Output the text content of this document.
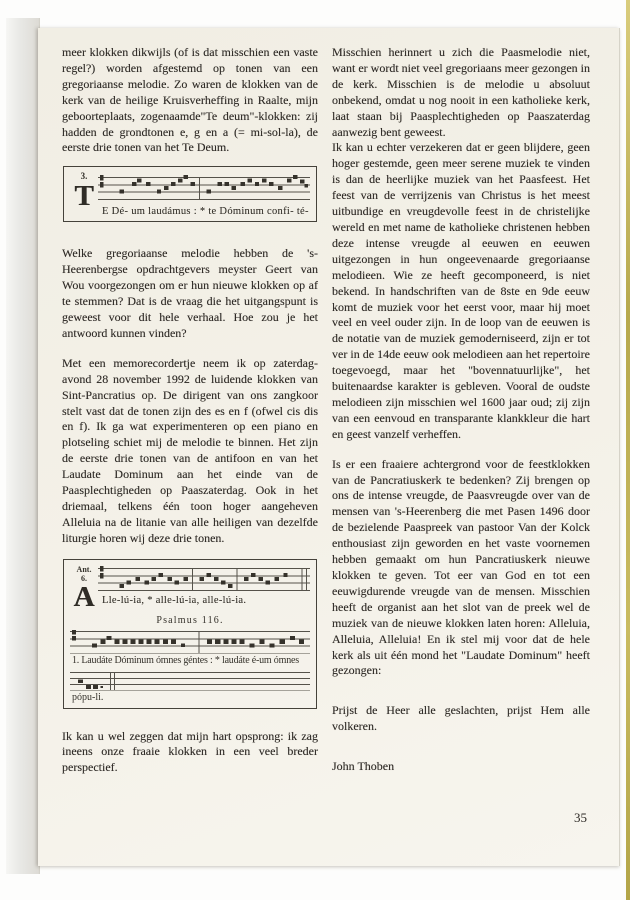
meer klokken dikwijls (of is dat misschien een vaste regel?) worden afgestemd op tonen van een gregoriaanse melodie. Zo waren de klokken van de kerk van de heilige Kruisverheffing in Raalte, mijn geboorteplaats, zogenaamde"Te deum"-klokken: zij hadden de grondtonen e, g en a (= mi-sol-la), de eerste drie tonen van het Te Deum.

3.
T E Dé- um laudámus : * te Dóminum confi- té-

Welke gregoriaanse melodie hebben de 's-Heerenbergse opdrachtgevers meyster Geert van Wou voorgezongen om er hun nieuwe klokken op af te stemmen? Dat is de vraag die het uitgangspunt is geweest voor dit hele verhaal. Hoe zou je het antwoord kunnen vinden?

Met een memorecordertje neem ik op zaterdag-avond 28 november 1992 de luidende klokken van Sint-Pancratius op. De dirigent van ons zangkoor stelt vast dat de tonen zijn des es en f (ofwel cis dis en f). Ik ga wat experimenteren op een piano en plotseling schiet mij de melodie te binnen. Het zijn de eerste drie tonen van de antifoon en van het Laudate Dominum aan het einde van de Paasplechtigheden op Paaszaterdag. Ook in het driemaal, telkens één toon hoger aangeheven Alleluia na de litanie van alle heiligen van dezelfde liturgie horen wij deze drie tonen.

Ant.
6.
A Lle-lú-ia, * alle-lú-ia, alle-lú-ia.
Psalmus 116.
1. Laudáte Dóminum ómnes géntes : * laudáte é-um ómnes
pópu-li.

Ik kan u wel zeggen dat mijn hart opsprong: ik zag ineens onze fraaie klokken in een veel breder perspectief.

Misschien herinnert u zich die Paasmelodie niet, want er wordt niet veel gregoriaans meer gezongen in de kerk. Misschien is de melodie u absoluut onbekend, omdat u nog nooit in een katholieke kerk, laat staan bij Paasplechtigheden op Paaszaterdag aanwezig bent geweest.

Ik kan u echter verzekeren dat er geen blijdere, geen hoger gestemde, geen meer serene muziek te vinden is dan de heerlijke muziek van het Paasfeest. Het feest van de verrijzenis van Christus is het meest uitbundige en vreugdevolle feest in de christelijke wereld en met name de katholieke christenen hebben deze intense vreugde al eeuwen en eeuwen uitgezongen in hun ongeevenaarde gregoriaanse melodieen. Wie ze heeft gecomponeerd, is niet bekend. In handschriften van de 8ste en 9de eeuw komt de muziek voor het eerst voor, maar hij moet veel en veel ouder zijn. In de loop van de eeuwen is de notatie van de muziek gemoderniseerd, zijn er tot ver in de 14de eeuw ook melodieen aan het repertoire toegevoegd, maar het "bovennatuurlijke", het buitenaardse karakter is gebleven. Vooral de oudste melodieen zijn misschien wel 1600 jaar oud; zij zijn van een eenvoud en transparante klankkleur die hart en geest vanzelf verheffen.

Is er een fraaiere achtergrond voor de feestklokken van de Pancratiuskerk te bedenken? Zij brengen op ons de intense vreugde, de Paasvreugde over van de mensen van 's-Heerenberg die met Pasen 1496 door de bezielende Paaspreek van pastoor Van der Kolck enthousiast zijn geworden en het vaste voornemen hebben gemaakt om hun Pancratiuskerk nieuwe klokken te geven. Tot eer van God en tot een eeuwigdurende vreugde van de mensen. Misschien heeft de organist aan het slot van de preek wel de muziek van de nieuwe klokken laten horen: Alleluia, Alleluia, Alleluia! En ik stel mij voor dat de hele kerk als uit één mond het "Laudate Dominum" heeft gezongen:

Prijst de Heer alle geslachten, prijst Hem alle volkeren.

John Thoben

35
